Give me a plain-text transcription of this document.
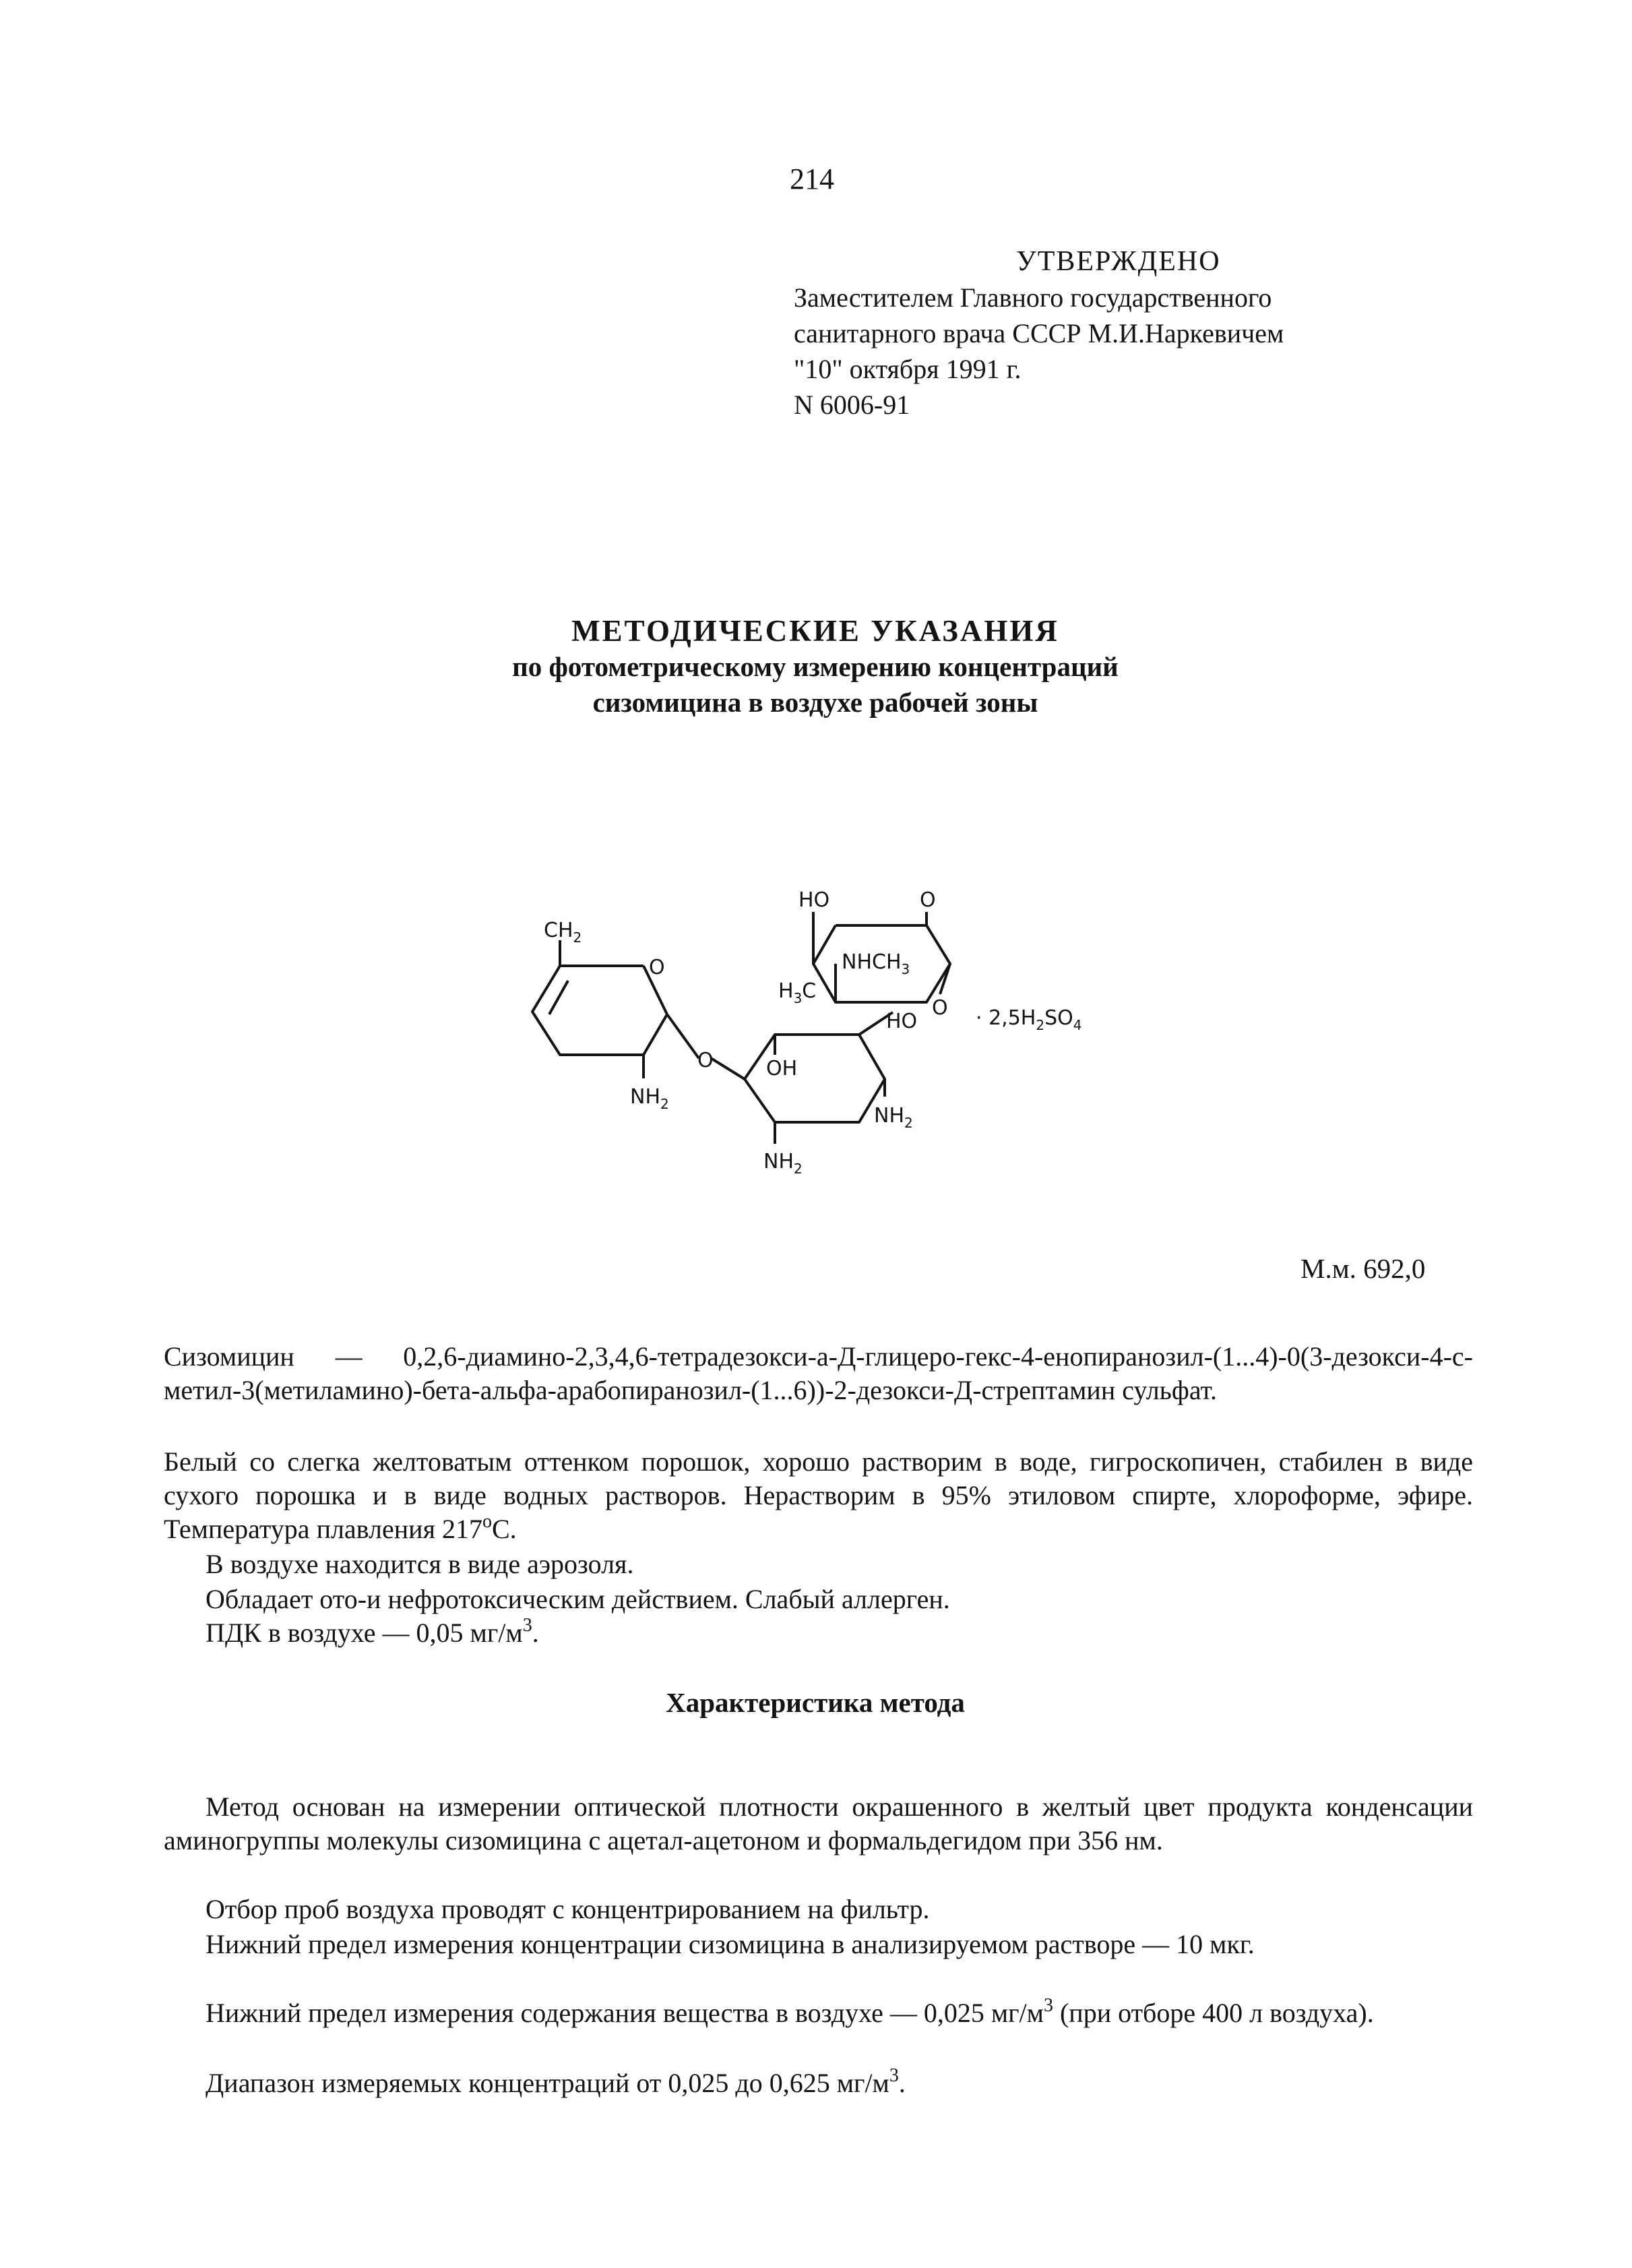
214
УТВЕРЖДЕНО
Заместителем Главного государственного
санитарного врача СССР М.И.Наркевичем
"10" октября 1991 г.
N 6006-91
МЕТОДИЧЕСКИЕ УКАЗАНИЯ
по фотометрическому измерению концентраций
сизомицина в воздухе рабочей зоны
$CH_2$
O
$NH_2$
O	OH
$NH_2$
$NH_2$
HO	O
$NHCH_3$
$H_3C$
HO
$O \cdot 2,5H_2SO_4$
М.м. 692,0
Сизомицин — 0,2,6-диамино-2,3,4,6-тетрадезокси-а-Д-глицеро-гекс-4-енопиранозил-(1...4)-0(3-дезокси-4-с-метил-3(метиламино)-бета-альфа-арабопиранозил-(1...6))-2-дезокси-Д-стрептамин сульфат.
Белый со слегка желтоватым оттенком порошок, хорошо растворим в воде, гигроскопичен, стабилен в виде сухого порошка и в виде водных растворов. Нерастворим в 95% этиловом спирте, хлороформе, эфире. Температура плавления $217^оС$.
В воздухе находится в виде аэрозоля.
Обладает ото-и нефротоксическим действием. Слабый аллерген.
ПДК в воздухе — 0,05 $мг/м^3$.
Характеристика метода
Метод основан на измерении оптической плотности окрашенного в желтый цвет продукта конденсации аминогруппы молекулы сизомицина с ацетал-ацетоном и формальдегидом при 356 нм.
Отбор проб воздуха проводят с концентрированием на фильтр.
Нижний предел измерения концентрации сизомицина в анализируемом растворе — 10 мкг.
Нижний предел измерения содержания вещества в воздухе — 0,025 $мг/м^3$ (при отборе 400 л воздуха).
Диапазон измеряемых концентраций от 0,025 до 0,625 $мг/м^3$.
